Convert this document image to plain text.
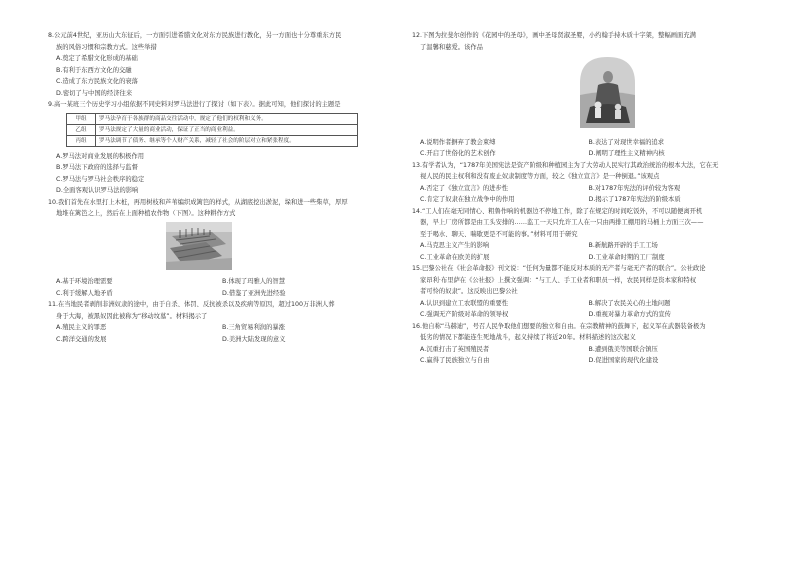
8.公元前4世纪，亚历山大东征后，一方面引进希腊文化对东方民族进行教化，另一方面也十分尊重东方民

族的风俗习惯和宗教方式。这些举措

A.奠定了希腊文化形成的基础

B.有利于东西方文化的交融

C.造成了东方民族文化的衰落

D.密切了与中国的经济往来

9.高一某班三个历史学习小组依据不同史料对罗马法进行了探讨（如下表）。据此可知，他们探讨的主题是

甲组	罗马法孕育于各族群的商品交往活动中，规定了他们的权利和义务。
乙组	罗马法规定了大量的商业活动，保证了正当的商业利益。
丙组	罗马法调节了债务、继承等个人财产关系，减轻了社会的阶层对立和紧张程度。

A.罗马法对商业发展的积极作用

B.罗马法下政府的选择与监督

C.罗马法与罗马社会秩序的稳定

D.全面客观认识罗马法的影响

10.我们首先在水里打上木桩，再用树枝和芦苇编织成篱笆的样式，从湖底挖出淤泥，垛和进一些柴草，厚厚

地堆在篱笆之上，然后在上面种植农作物（下图）。这种耕作方式

A.基于环境治理需要	B.体现了玛雅人的智慧
C.利于缓解人地矛盾	D.借鉴了亚洲先进经验

11.在当地民者剥削非洲奴隶的途中，由于自杀、体罚、反抗被杀以及疾病等原因，超过100万非洲人葬

身于大海，被黑奴因此被称为“移动坟墓”。材料揭示了

A.殖民主义的罪恶	B.三角贸易利润的暴涨
C.跨洋交通的发展	D.美洲大陆发现的意义

12.下图为拉斐尔创作的《花园中的圣母》，画中圣母贤淑圣婴，小约翰手持木质十字架，整幅画面充满

了温馨和慈爱。该作品

A.说明作者摒弃了教会束缚	B.表达了对现世幸福的追求
C.开启了世俗化的艺术创作	D.阐明了理性主义精神内核

13.有学者认为，“1787年美国宪法是资产阶级和种植园主为了大劳动人民实行其政治统治的根本大法，它在无

视人民的民主权利和没有废止奴隶制度等方面，较之《独立宣言》是一种倒退。”该观点

A.否定了《独立宣言》的进步性	B.对1787年宪法的评价较为客观
C.肯定了奴隶在独立战争中的作用	D.揭示了1787年宪法的阶级本质

14.“工人们在毫无同情心、粗鲁作响的机器边不停地工作，除了在规定的时间吃饭外，不可以随便离开机

器，早上厂房所都是由工头安排的……监工一天只允许工人在一只由两排工棚用的马桶上方面三次——

至于喝水、聊天、喘歇更是不可能的事。”材料可用于研究

A.马克思主义产生的影响	B.新航路开辟的手工工场
C.工业革命在欧美的扩展	D.工业革命时期的工厂制度

15.巴黎公社在《社会革命报》刊文说：“任何为量都不能反对本质的无产者与毫无产者的联合”。公社政论

家昂利·布里萨在《公社报》上撰文强调：“与工人、手工业者和职员一样，农民同样是资本家和特权

者可怜的奴隶”。这反映出巴黎公社

A.认识到建立工农联盟的重要性	B.解决了农民关心的土地问题
C.强调无产阶级对革命的领导权	D.重视对暴力革命方式的宣传

16.他自称“马赫迪”，号召人民争取他们想要的独立和自由。在宗教精神的鼓舞下，起义军在武器装备极为

低劣的情况下都能连生死地战斗，起义持续了将近20年。材料描述的这次起义

A.沉重打击了英国殖民者	B.遭到俄美等国联合镇压
C.赢得了民族独立与自由	D.促进国家的现代化建设
